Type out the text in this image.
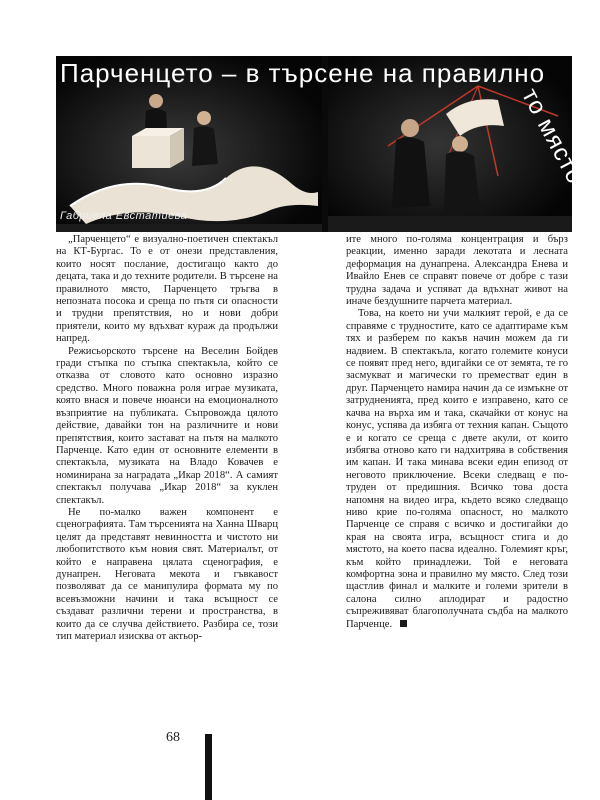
Парченцето – в търсене на правилно
то място
Габриела Евстатиева

„Парченцето“ е визуално-поетичен спектакъл на КТ-Бургас. То е от онези представления, които носят послание, достигащо както до децата, така и до техните родители. В търсене на правилното място, Парченцето тръгва в непозната посока и среща по пътя си опасности и трудни препятствия, но и нови добри приятели, които му вдъхват кураж да продължи напред.

Режисьорското търсене на Веселин Бойдев гради стъпка по стъпка спектакъла, който се отказва от словото като основно изразно средство. Много поважна роля играе музиката, която внася и повече нюанси на емоционалното възприятие на публиката. Съпровожда цялото действие, давайки тон на различните и нови препятствия, които застават на пътя на малкото Парченце. Като един от основните елементи в спектакъла, музиката на Владо Ковачев е номинирана за наградата „Икар 2018“. А самият спектакъл получава „Икар 2018“ за куклен спектакъл.

Не по-малко важен компонент е сценографията. Там търсенията на Ханна Шварц целят да представят невинността и чистото ни любопитството към новия свят. Материалът, от който е направена цялата сценография, е дунапрен. Неговата мекота и гъвкавост позволяват да се манипулира формата му по всевъзможни начини и така всъщност се създават различни терени и пространства, в които да се случва действието. Разбира се, този тип материал изисква от актьор-

ите много по-голяма концентрация и бърз реакции, именно заради лекотата и лесната деформация на дунапрена. Александра Енева и Ивайло Енев се справят повече от добре с тази трудна задача и успяват да вдъхнат живот на иначе бездушните парчета материал.

Това, на което ни учи малкият герой, е да се справяме с трудностите, като се адаптираме към тях и разберем по какъв начин можем да ги надвием. В спектакъла, когато големите конуси се появят пред него, вдигайки се от земята, те го засмукват и магически го преместват един в друг. Парченцето намира начин да се измъкне от затрудненията, пред които е изправено, като се качва на върха им и така, скачайки от конус на конус, успява да избяга от техния капан. Същото е и когато се среща с двете акули, от които избягва отново като ги надхитрява в собствения им капан. И така минава всеки един епизод от неговото приключение. Всеки следващ е по-труден от предишния. Всичко това доста напомня на видео игра, където всяко следващо ниво крие по-голяма опасност, но малкото Парченце се справя с всичко и достигайки до края на своята игра, всъщност стига и до мястото, на което пасва идеално. Големият кръг, към който принадлежи. Той е неговата комфортна зона и правилно му място. След този щастлив финал и малките и големи зрители в салона силно аплодират и радостно съпреживяват благополучната съдба на малкото Парченце.

68
